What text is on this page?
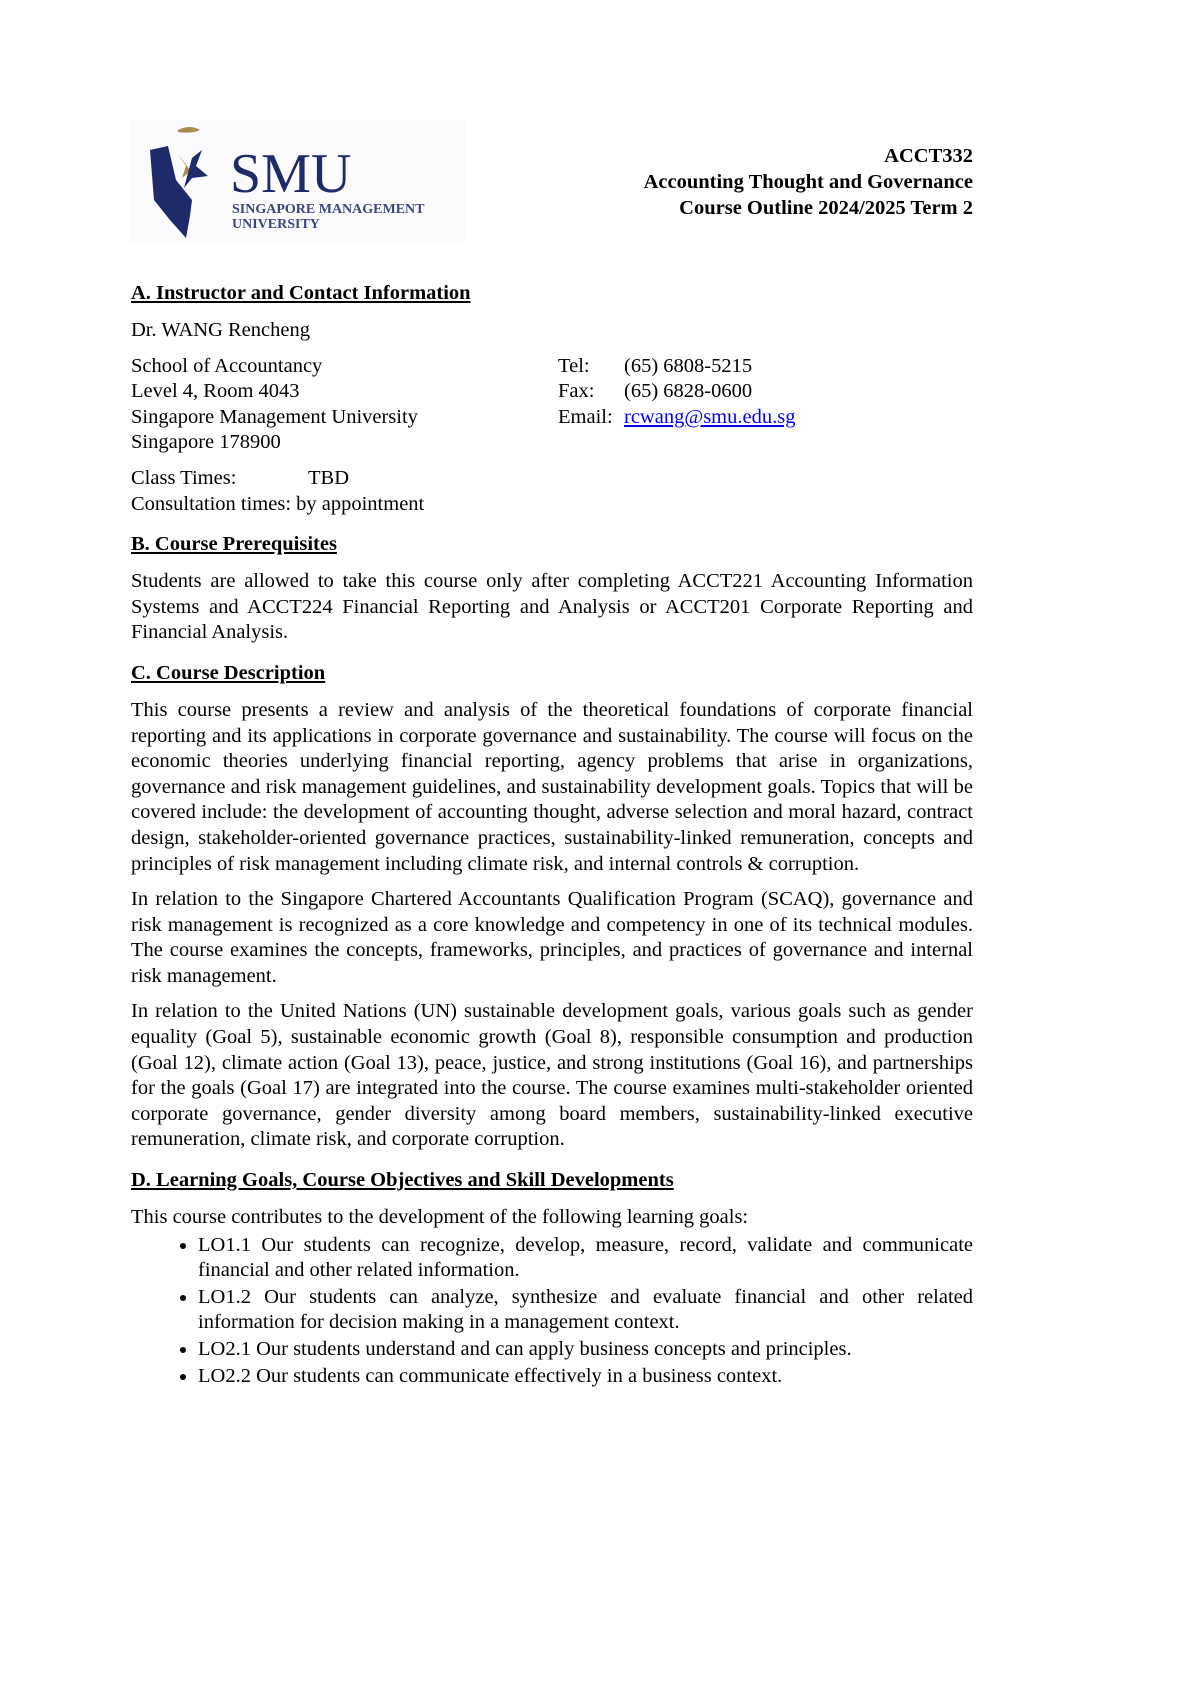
SMU
SINGAPORE MANAGEMENT
UNIVERSITY
ACCT332
Accounting Thought and Governance
Course Outline 2024/2025 Term 2
A. Instructor and Contact Information

Dr. WANG Rencheng

School of Accountancy
Level 4, Room 4043
Singapore Management University
Singapore 178900
Tel:	(65) 6808-5215
Fax:	(65) 6828-0600
Email: rcwang@smu.edu.sg
Class Times:	TBD
Consultation times: by appointment
B. Course Prerequisites

Students are allowed to take this course only after completing ACCT221 Accounting Information Systems and ACCT224 Financial Reporting and Analysis or ACCT201 Corporate Reporting and Financial Analysis.

C. Course Description

This course presents a review and analysis of the theoretical foundations of corporate financial reporting and its applications in corporate governance and sustainability. The course will focus on the economic theories underlying financial reporting, agency problems that arise in organizations, governance and risk management guidelines, and sustainability development goals. Topics that will be covered include: the development of accounting thought, adverse selection and moral hazard, contract design, stakeholder-oriented governance practices, sustainability-linked remuneration, concepts and principles of risk management including climate risk, and internal controls & corruption.

In relation to the Singapore Chartered Accountants Qualification Program (SCAQ), governance and risk management is recognized as a core knowledge and competency in one of its technical modules. The course examines the concepts, frameworks, principles, and practices of governance and internal risk management.

In relation to the United Nations (UN) sustainable development goals, various goals such as gender equality (Goal 5), sustainable economic growth (Goal 8), responsible consumption and production (Goal 12), climate action (Goal 13), peace, justice, and strong institutions (Goal 16), and partnerships for the goals (Goal 17) are integrated into the course. The course examines multi-stakeholder oriented corporate governance, gender diversity among board members, sustainability-linked executive remuneration, climate risk, and corporate corruption.

D. Learning Goals, Course Objectives and Skill Developments

This course contributes to the development of the following learning goals:

• LO1.1 Our students can recognize, develop, measure, record, validate and communicate financial and other related information.
• LO1.2 Our students can analyze, synthesize and evaluate financial and other related information for decision making in a management context.
• LO2.1 Our students understand and can apply business concepts and principles.
• LO2.2 Our students can communicate effectively in a business context.
